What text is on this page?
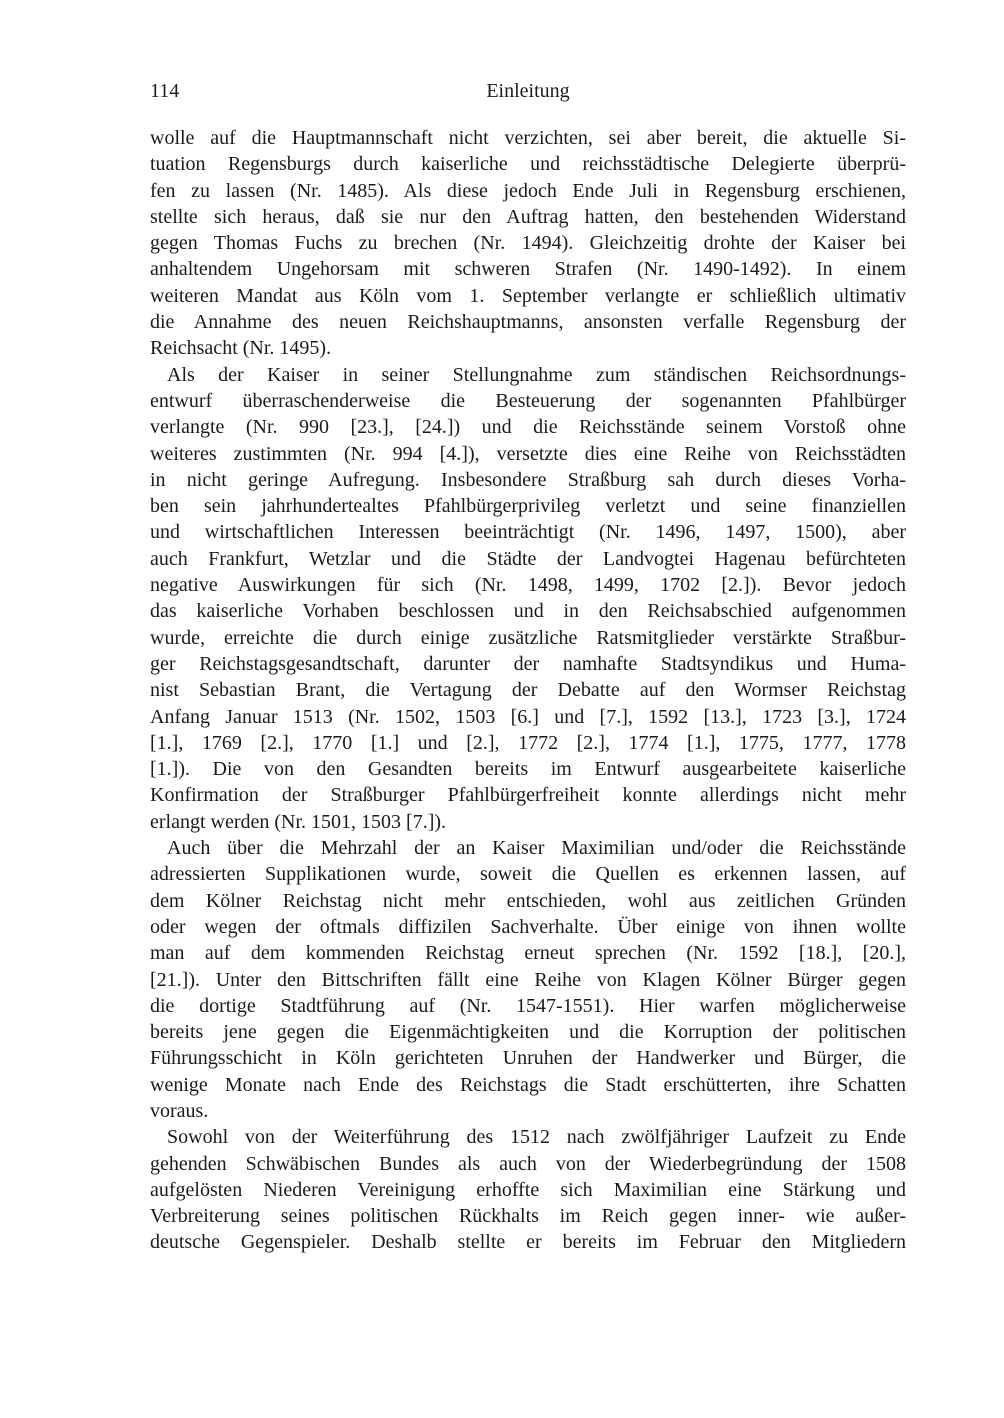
114	Einleitung
wolle auf die Hauptmannschaft nicht verzichten, sei aber bereit, die aktuelle Si-
tuation Regensburgs durch kaiserliche und reichsstädtische Delegierte überprü-
fen zu lassen (Nr. 1485). Als diese jedoch Ende Juli in Regensburg erschienen,
stellte sich heraus, daß sie nur den Auftrag hatten, den bestehenden Widerstand
gegen Thomas Fuchs zu brechen (Nr. 1494). Gleichzeitig drohte der Kaiser bei
anhaltendem Ungehorsam mit schweren Strafen (Nr. 1490-1492). In einem
weiteren Mandat aus Köln vom 1. September verlangte er schließlich ultimativ
die Annahme des neuen Reichshauptmanns, ansonsten verfalle Regensburg der
Reichsacht (Nr. 1495).
Als der Kaiser in seiner Stellungnahme zum ständischen Reichsordnungs-
entwurf überraschenderweise die Besteuerung der sogenannten Pfahlbürger
verlangte (Nr. 990 [23.], [24.]) und die Reichsstände seinem Vorstoß ohne
weiteres zustimmten (Nr. 994 [4.]), versetzte dies eine Reihe von Reichsstädten
in nicht geringe Aufregung. Insbesondere Straßburg sah durch dieses Vorha-
ben sein jahrhundertealtes Pfahlbürgerprivileg verletzt und seine finanziellen
und wirtschaftlichen Interessen beeinträchtigt (Nr. 1496, 1497, 1500), aber
auch Frankfurt, Wetzlar und die Städte der Landvogtei Hagenau befürchteten
negative Auswirkungen für sich (Nr. 1498, 1499, 1702 [2.]). Bevor jedoch
das kaiserliche Vorhaben beschlossen und in den Reichsabschied aufgenommen
wurde, erreichte die durch einige zusätzliche Ratsmitglieder verstärkte Straßbur-
ger Reichstagsgesandtschaft, darunter der namhafte Stadtsyndikus und Huma-
nist Sebastian Brant, die Vertagung der Debatte auf den Wormser Reichstag
Anfang Januar 1513 (Nr. 1502, 1503 [6.] und [7.], 1592 [13.], 1723 [3.], 1724
[1.], 1769 [2.], 1770 [1.] und [2.], 1772 [2.], 1774 [1.], 1775, 1777, 1778
[1.]). Die von den Gesandten bereits im Entwurf ausgearbeitete kaiserliche
Konfirmation der Straßburger Pfahlbürgerfreiheit konnte allerdings nicht mehr
erlangt werden (Nr. 1501, 1503 [7.]).
Auch über die Mehrzahl der an Kaiser Maximilian und/oder die Reichsstände
adressierten Supplikationen wurde, soweit die Quellen es erkennen lassen, auf
dem Kölner Reichstag nicht mehr entschieden, wohl aus zeitlichen Gründen
oder wegen der oftmals diffizilen Sachverhalte. Über einige von ihnen wollte
man auf dem kommenden Reichstag erneut sprechen (Nr. 1592 [18.], [20.],
[21.]). Unter den Bittschriften fällt eine Reihe von Klagen Kölner Bürger gegen
die dortige Stadtführung auf (Nr. 1547-1551). Hier warfen möglicherweise
bereits jene gegen die Eigenmächtigkeiten und die Korruption der politischen
Führungsschicht in Köln gerichteten Unruhen der Handwerker und Bürger, die
wenige Monate nach Ende des Reichstags die Stadt erschütterten, ihre Schatten
voraus.
Sowohl von der Weiterführung des 1512 nach zwölfjähriger Laufzeit zu Ende
gehenden Schwäbischen Bundes als auch von der Wiederbegründung der 1508
aufgelösten Niederen Vereinigung erhoffte sich Maximilian eine Stärkung und
Verbreiterung seines politischen Rückhalts im Reich gegen inner- wie außer-
deutsche Gegenspieler. Deshalb stellte er bereits im Februar den Mitgliedern
